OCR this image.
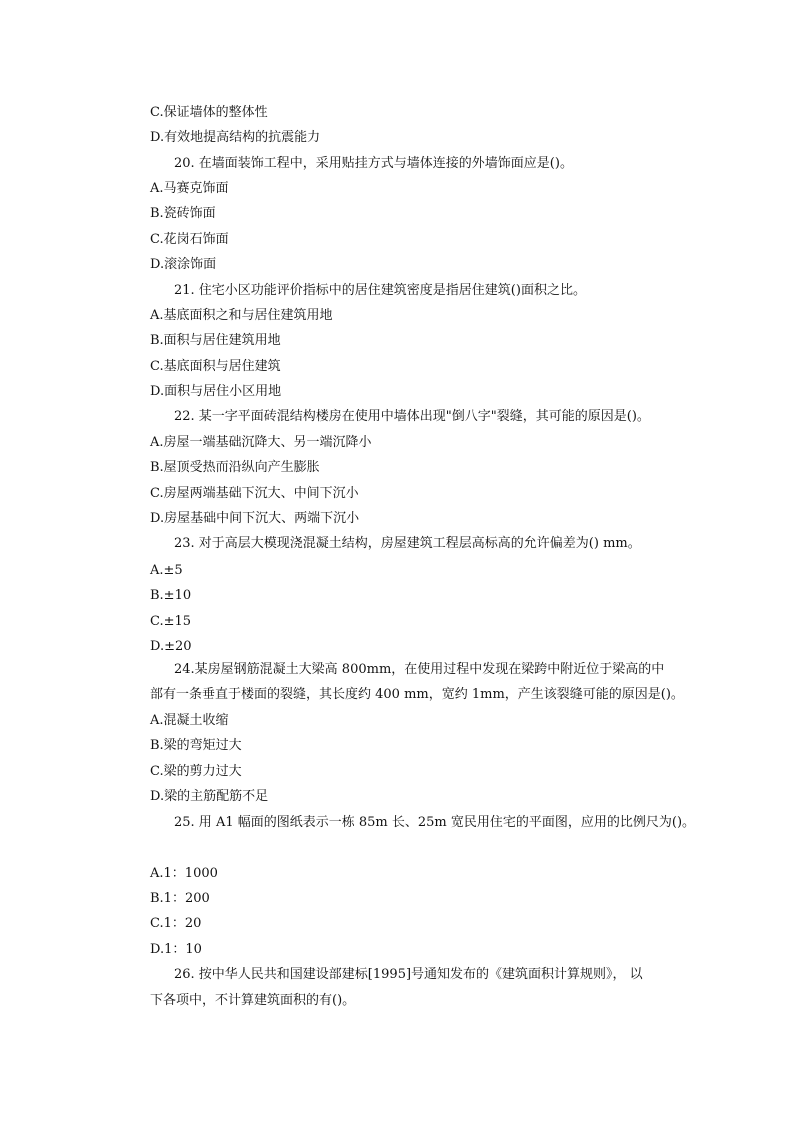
C.保证墙体的整体性
D.有效地提高结构的抗震能力
20. 在墙面装饰工程中，采用贴挂方式与墙体连接的外墙饰面应是()。
A.马赛克饰面
B.瓷砖饰面
C.花岗石饰面
D.滚涂饰面
21. 住宅小区功能评价指标中的居住建筑密度是指居住建筑()面积之比。
A.基底面积之和与居住建筑用地
B.面积与居住建筑用地
C.基底面积与居住建筑
D.面积与居住小区用地
22. 某一字平面砖混结构楼房在使用中墙体出现"倒八字"裂缝，其可能的原因是()。
A.房屋一端基础沉降大、另一端沉降小
B.屋顶受热而沿纵向产生膨胀
C.房屋两端基础下沉大、中间下沉小
D.房屋基础中间下沉大、两端下沉小
23. 对于高层大模现浇混凝土结构，房屋建筑工程层高标高的允许偏差为() mm。
A.±5
B.±10
C.±15
D.±20
24.某房屋钢筋混凝土大梁高 800mm，在使用过程中发现在梁跨中附近位于梁高的中
部有一条垂直于楼面的裂缝，其长度约 400 mm，宽约 1mm，产生该裂缝可能的原因是()。
A.混凝土收缩
B.梁的弯矩过大
C.梁的剪力过大
D.梁的主筋配筋不足
25. 用 A1 幅面的图纸表示一栋 85m 长、25m 宽民用住宅的平面图，应用的比例尺为()。
A.1：1000
B.1：200
C.1：20
D.1：10
26. 按中华人民共和国建设部建标[1995]号通知发布的《建筑面积计算规则》， 以
下各项中，不计算建筑面积的有()。
